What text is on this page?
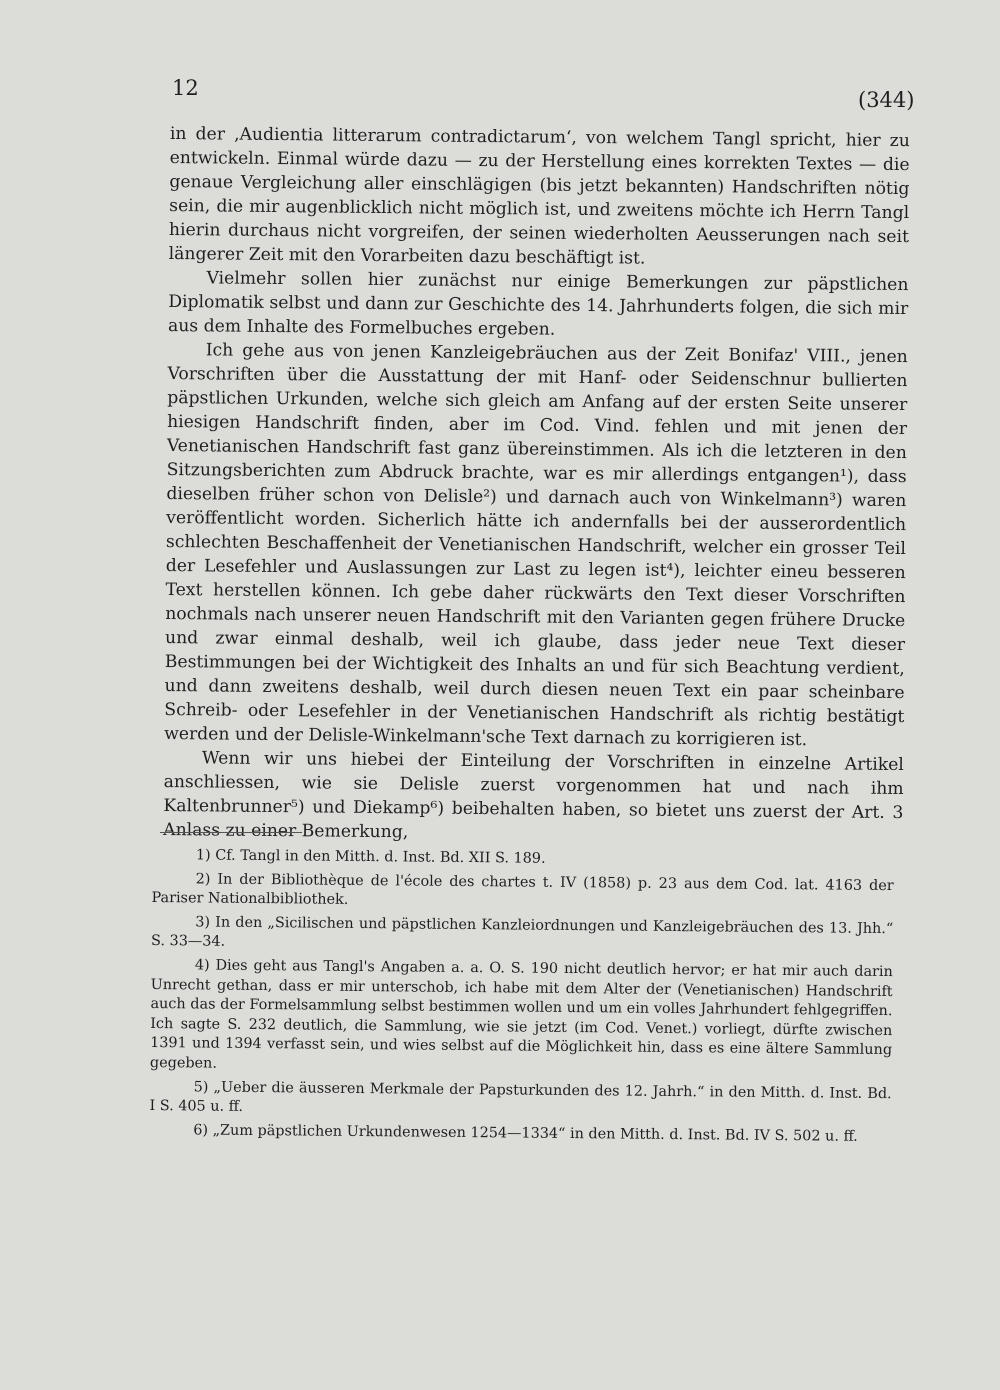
12	(344)

in der ‚Audientia litterarum contradictarum‘, von welchem Tangl spricht, hier zu entwickeln. Einmal würde dazu — zu der Herstellung eines korrekten Textes — die genaue Vergleichung aller einschlägigen (bis jetzt bekannten) Handschriften nötig sein, die mir augenblicklich nicht möglich ist, und zweitens möchte ich Herrn Tangl hierin durchaus nicht vorgreifen, der seinen wiederholten Aeusserungen nach seit längerer Zeit mit den Vorarbeiten dazu beschäftigt ist.

Vielmehr sollen hier zunächst nur einige Bemerkungen zur päpstlichen Diplomatik selbst und dann zur Geschichte des 14. Jahrhunderts folgen, die sich mir aus dem Inhalte des Formelbuches ergeben.

Ich gehe aus von jenen Kanzleigebräuchen aus der Zeit Bonifaz' VIII., jenen Vorschriften über die Ausstattung der mit Hanf- oder Seidenschnur bullierten päpstlichen Urkunden, welche sich gleich am Anfang auf der ersten Seite unserer hiesigen Handschrift finden, aber im Cod. Vind. fehlen und mit jenen der Venetianischen Handschrift fast ganz übereinstimmen. Als ich die letzteren in den Sitzungsberichten zum Abdruck brachte, war es mir allerdings entgangen¹), dass dieselben früher schon von Delisle²) und darnach auch von Winkelmann³) waren veröffentlicht worden. Sicherlich hätte ich andernfalls bei der ausserordentlich schlechten Beschaffenheit der Venetianischen Handschrift, welcher ein grosser Teil der Lesefehler und Auslassungen zur Last zu legen ist⁴), leichter eineu besseren Text herstellen können. Ich gebe daher rückwärts den Text dieser Vorschriften nochmals nach unserer neuen Handschrift mit den Varianten gegen frühere Drucke und zwar einmal deshalb, weil ich glaube, dass jeder neue Text dieser Bestimmungen bei der Wichtigkeit des Inhalts an und für sich Beachtung verdient, und dann zweitens deshalb, weil durch diesen neuen Text ein paar scheinbare Schreib- oder Lesefehler in der Venetianischen Handschrift als richtig bestätigt werden und der Delisle-Winkelmann'sche Text darnach zu korrigieren ist.

Wenn wir uns hiebei der Einteilung der Vorschriften in einzelne Artikel anschliessen, wie sie Delisle zuerst vorgenommen hat und nach ihm Kaltenbrunner⁵) und Diekamp⁶) beibehalten haben, so bietet uns zuerst der Art. 3 Anlass zu einer Bemerkung,

1) Cf. Tangl in den Mitth. d. Inst. Bd. XII S. 189.

2) In der Bibliothèque de l'école des chartes t. IV (1858) p. 23 aus dem Cod. lat. 4163 der Pariser Nationalbibliothek.

3) In den „Sicilischen und päpstlichen Kanzleiordnungen und Kanzleigebräuchen des 13. Jhh.“ S. 33—34.

4) Dies geht aus Tangl's Angaben a. a. O. S. 190 nicht deutlich hervor; er hat mir auch darin Unrecht gethan, dass er mir unterschob, ich habe mit dem Alter der (Venetianischen) Handschrift auch das der Formelsammlung selbst bestimmen wollen und um ein volles Jahrhundert fehlgegriffen. Ich sagte S. 232 deutlich, die Sammlung, wie sie jetzt (im Cod. Venet.) vorliegt, dürfte zwischen 1391 und 1394 verfasst sein, und wies selbst auf die Möglichkeit hin, dass es eine ältere Sammlung gegeben.

5) „Ueber die äusseren Merkmale der Papsturkunden des 12. Jahrh.“ in den Mitth. d. Inst. Bd. I S. 405 u. ff.

6) „Zum päpstlichen Urkundenwesen 1254—1334“ in den Mitth. d. Inst. Bd. IV S. 502 u. ff.
